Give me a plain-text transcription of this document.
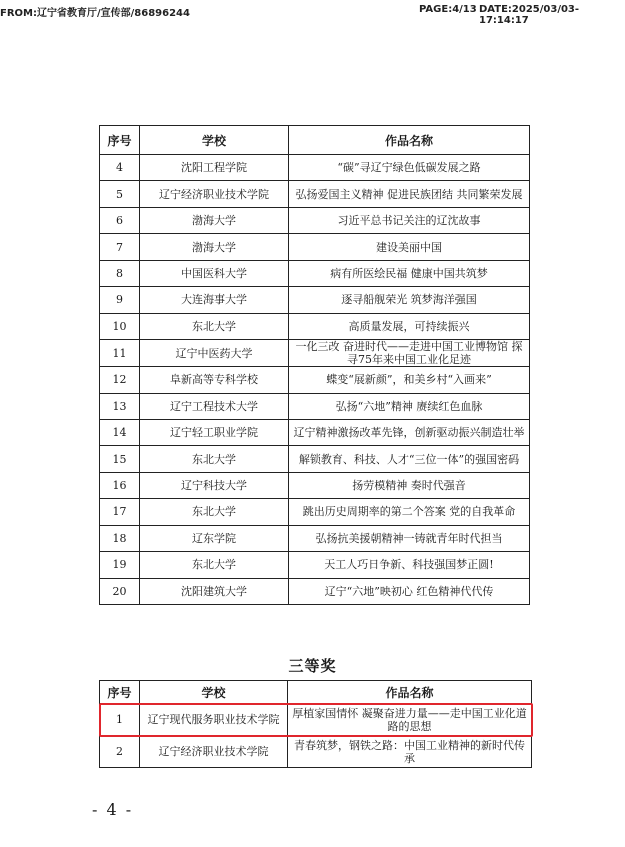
FROM:辽宁省教育厅/宣传部/86896244	PAGE:4/13 DATE:2025/03/03-17:14:17
序号	学校	作品名称
4	沈阳工程学院	“碳”寻辽宁绿色低碳发展之路
5	辽宁经济职业技术学院	弘扬爱国主义精神 促进民族团结 共同繁荣发展
6	渤海大学	习近平总书记关注的辽沈故事
7	渤海大学	建设美丽中国
8	中国医科大学	病有所医绘民福 健康中国共筑梦
9	大连海事大学	逐寻船舰荣光 筑梦海洋强国
10	东北大学	高质量发展，可持续振兴
11	辽宁中医药大学	一化三改 奋进时代——走进中国工业博物馆 探寻75年来中国工业化足迹
12	阜新高等专科学校	蝶变“展新颜”，和美乡村“入画来”
13	辽宁工程技术大学	弘扬“六地”精神 赓续红色血脉
14	辽宁轻工职业学院	辽宁精神激扬改革先锋，创新驱动振兴制造壮举
15	东北大学	解锁教育、科技、人才“三位一体”的强国密码
16	辽宁科技大学	扬劳模精神 奏时代强音
17	东北大学	跳出历史周期率的第二个答案 党的自我革命
18	辽东学院	弘扬抗美援朝精神一铸就青年时代担当
19	东北大学	天工人巧日争新、科技强国梦正圆!
20	沈阳建筑大学	辽宁“六地”映初心 红色精神代代传
三等奖
序号	学校	作品名称
1	辽宁现代服务职业技术学院	厚植家国情怀 凝聚奋进力量——走中国工业化道路的思想
2	辽宁经济职业技术学院	青春筑梦，钢铁之路：中国工业精神的新时代传承
- 4 -
